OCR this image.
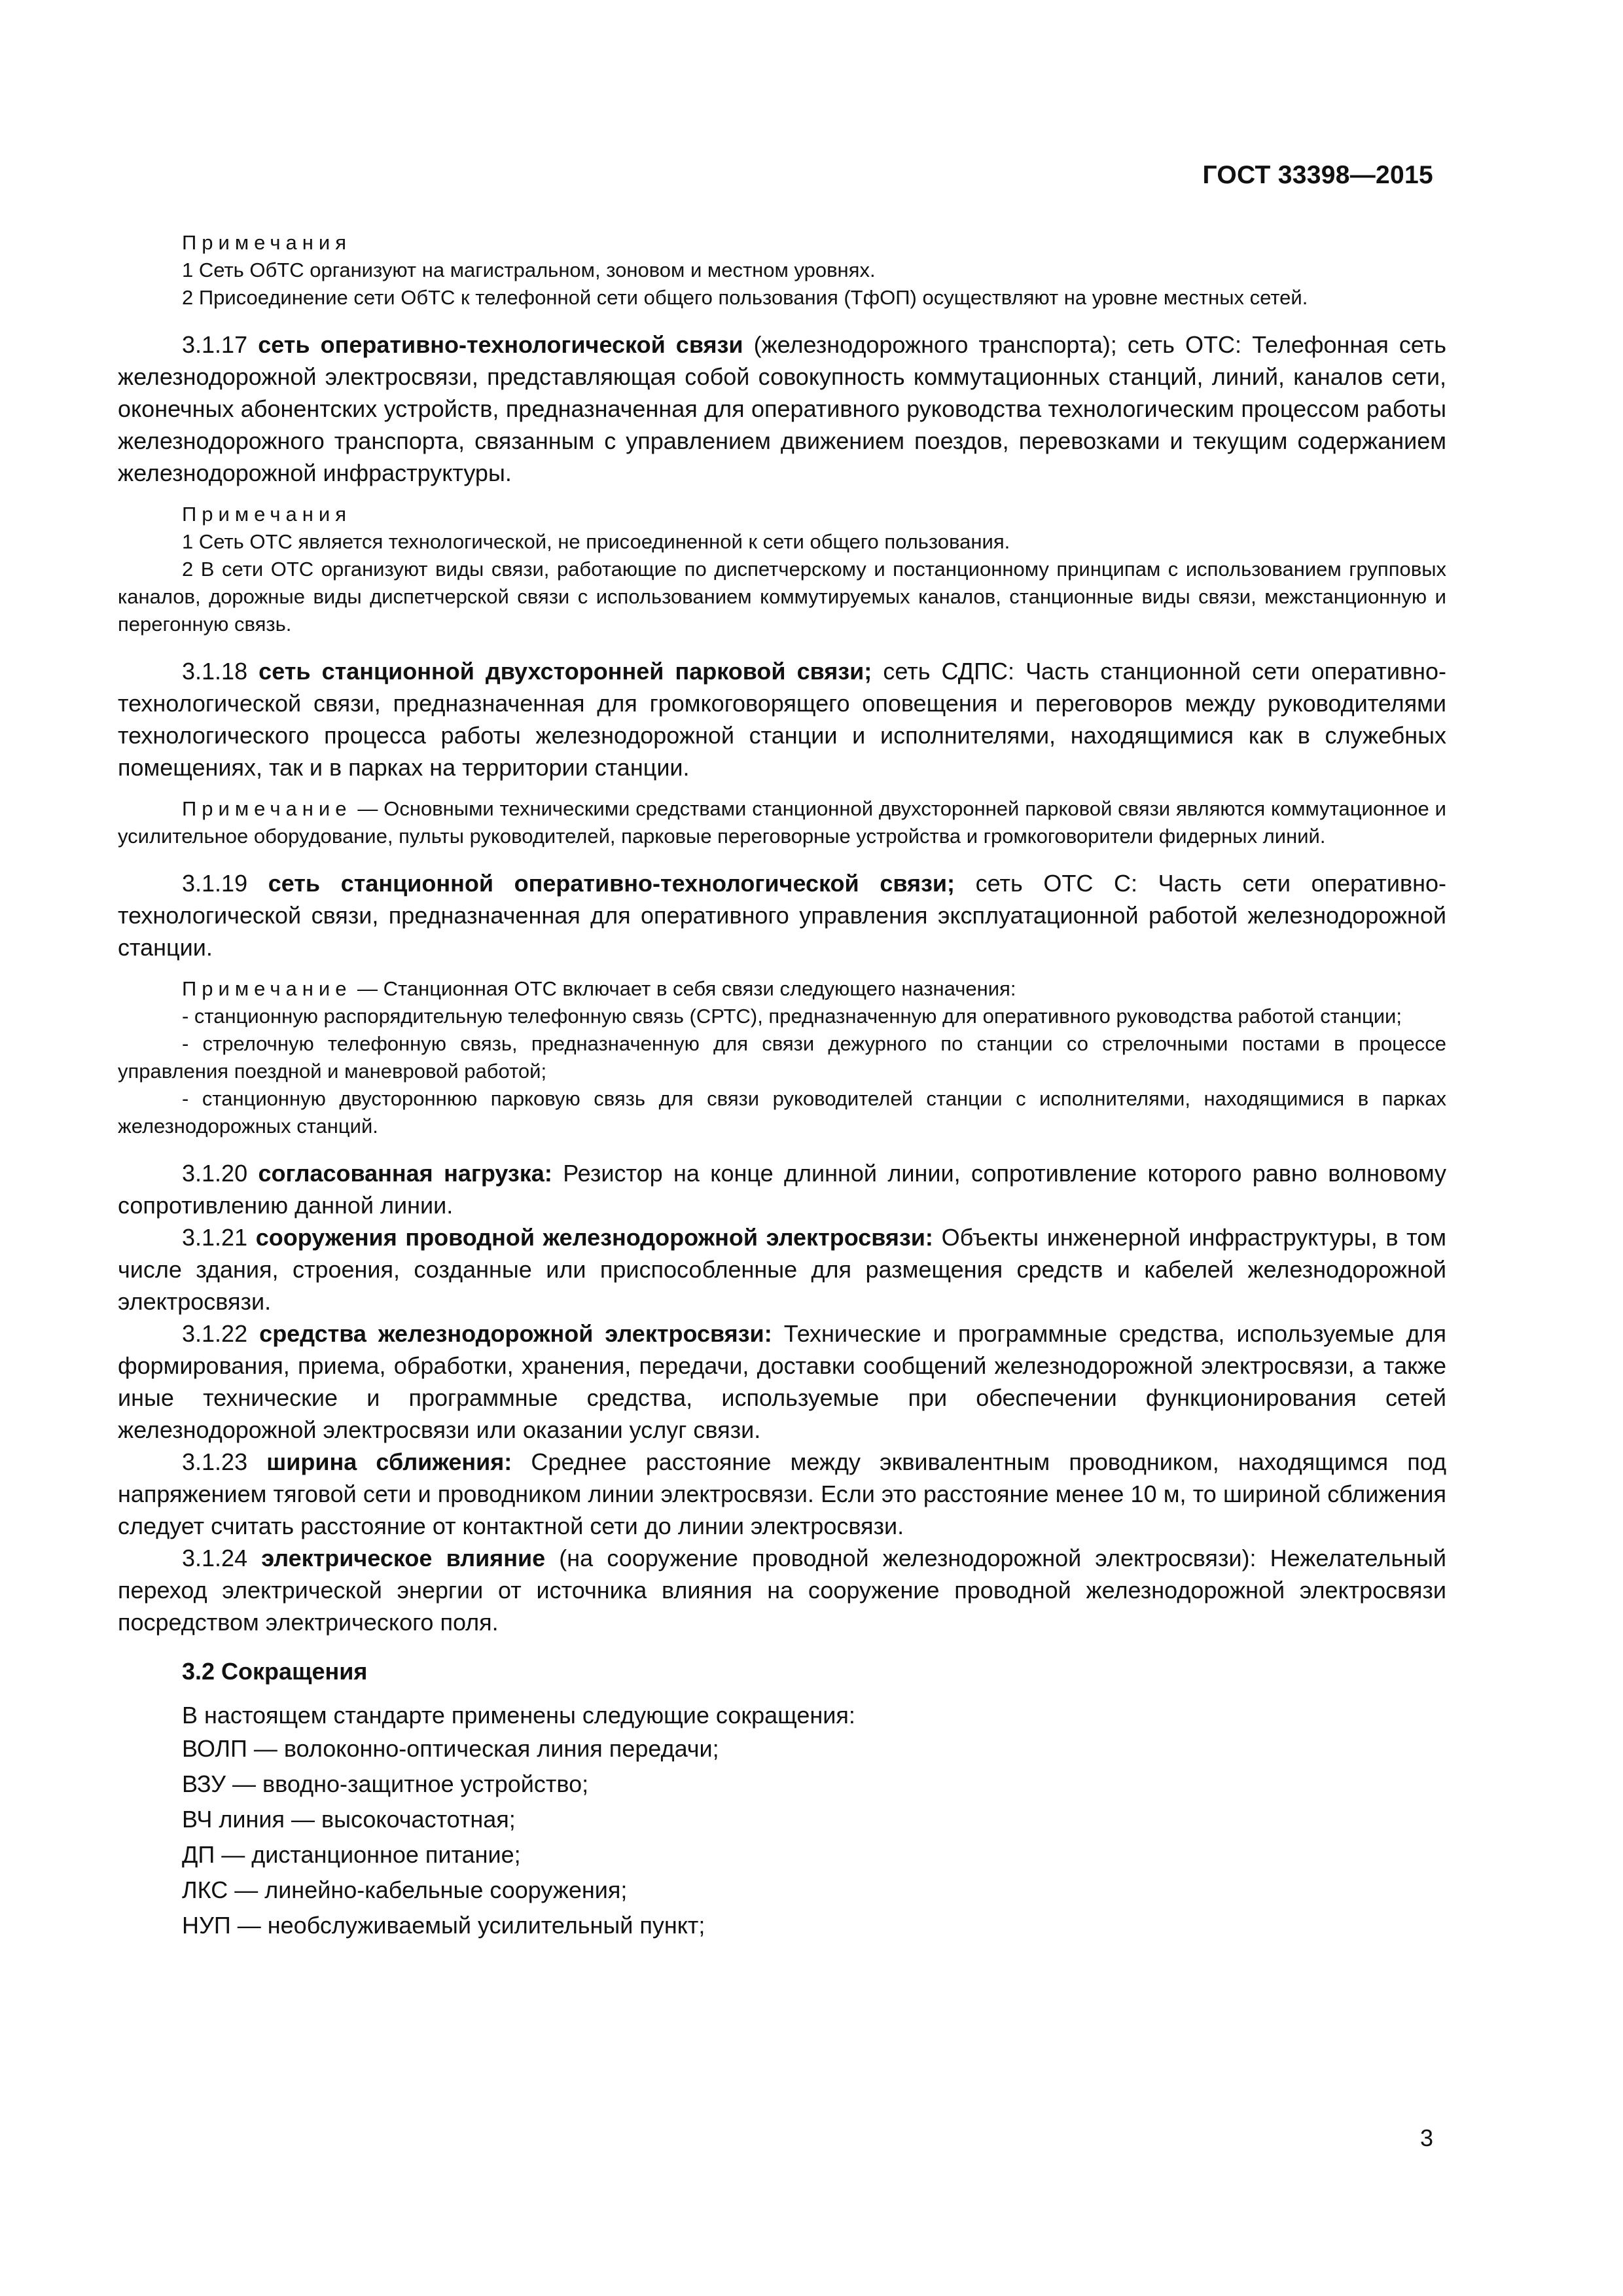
ГОСТ 33398—2015

Примечания

1 Сеть ОбТС организуют на магистральном, зоновом и местном уровнях.

2 Присоединение сети ОбТС к телефонной сети общего пользования (ТфОП) осуществляют на уровне местных сетей.

3.1.17 сеть оперативно-технологической связи (железнодорожного транспорта); сеть ОТС: Телефонная сеть железнодорожной электросвязи, представляющая собой совокупность коммутационных станций, линий, каналов сети, оконечных абонентских устройств, предназначенная для оперативного руководства технологическим процессом работы железнодорожного транспорта, связанным с управлением движением поездов, перевозками и текущим содержанием железнодорожной инфраструктуры.

Примечания

1 Сеть ОТС является технологической, не присоединенной к сети общего пользования.

2 В сети ОТС организуют виды связи, работающие по диспетчерскому и постанционному принципам с использованием групповых каналов, дорожные виды диспетчерской связи с использованием коммутируемых каналов, станционные виды связи, межстанционную и перегонную связь.

3.1.18 сеть станционной двухсторонней парковой связи; сеть СДПС: Часть станционной сети оперативно-технологической связи, предназначенная для громкоговорящего оповещения и переговоров между руководителями технологического процесса работы железнодорожной станции и исполнителями, находящимися как в служебных помещениях, так и в парках на территории станции.

Примечание — Основными техническими средствами станционной двухсторонней парковой связи являются коммутационное и усилительное оборудование, пульты руководителей, парковые переговорные устройства и громкоговорители фидерных линий.

3.1.19 сеть станционной оперативно-технологической связи; сеть ОТС С: Часть сети оперативно-технологической связи, предназначенная для оперативного управления эксплуатационной работой железнодорожной станции.

Примечание — Станционная ОТС включает в себя связи следующего назначения:

- станционную распорядительную телефонную связь (СРТС), предназначенную для оперативного руководства работой станции;

- стрелочную телефонную связь, предназначенную для связи дежурного по станции со стрелочными постами в процессе управления поездной и маневровой работой;

- станционную двустороннюю парковую связь для связи руководителей станции с исполнителями, находящимися в парках железнодорожных станций.

3.1.20 согласованная нагрузка: Резистор на конце длинной линии, сопротивление которого равно волновому сопротивлению данной линии.

3.1.21 сооружения проводной железнодорожной электросвязи: Объекты инженерной инфраструктуры, в том числе здания, строения, созданные или приспособленные для размещения средств и кабелей железнодорожной электросвязи.

3.1.22 средства железнодорожной электросвязи: Технические и программные средства, используемые для формирования, приема, обработки, хранения, передачи, доставки сообщений железнодорожной электросвязи, а также иные технические и программные средства, используемые при обеспечении функционирования сетей железнодорожной электросвязи или оказании услуг связи.

3.1.23 ширина сближения: Среднее расстояние между эквивалентным проводником, находящимся под напряжением тяговой сети и проводником линии электросвязи. Если это расстояние менее 10 м, то шириной сближения следует считать расстояние от контактной сети до линии электросвязи.

3.1.24 электрическое влияние (на сооружение проводной железнодорожной электросвязи): Нежелательный переход электрической энергии от источника влияния на сооружение проводной железнодорожной электросвязи посредством электрического поля.

3.2 Сокращения

В настоящем стандарте применены следующие сокращения:

ВОЛП — волоконно-оптическая линия передачи;

ВЗУ — вводно-защитное устройство;

ВЧ линия — высокочастотная;

ДП — дистанционное питание;

ЛКС — линейно-кабельные сооружения;

НУП — необслуживаемый усилительный пункт;

3
